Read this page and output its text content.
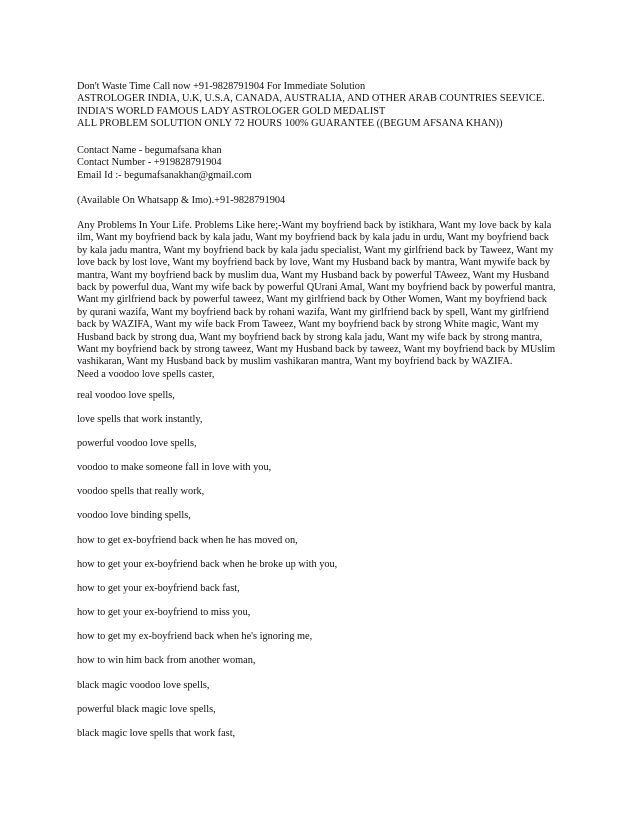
Don't Waste Time Call now +91-9828791904 For Immediate Solution
ASTROLOGER INDIA, U.K, U.S.A, CANADA, AUSTRALIA, AND OTHER ARAB COUNTRIES SEEVICE.
INDIA'S WORLD FAMOUS LADY ASTROLOGER GOLD MEDALIST
ALL PROBLEM SOLUTION ONLY 72 HOURS 100% GUARANTEE ((BEGUM AFSANA KHAN))
Contact Name - begumafsana khan
Contact Number - +919828791904
Email Id :- begumafsanakhan@gmail.com
(Available On Whatsapp & Imo).+91-9828791904
Any Problems In Your Life. Problems Like here;-Want my boyfriend back by istikhara, Want my love back by kala
ilm, Want my boyfriend back by kala jadu, Want my boyfriend back by kala jadu in urdu, Want my boyfriend back
by kala jadu mantra, Want my boyfriend back by kala jadu specialist, Want my girlfriend back by Taweez, Want my
love back by lost love, Want my boyfriend back by love, Want my Husband back by mantra, Want mywife back by
mantra, Want my boyfriend back by muslim dua, Want my Husband back by powerful TAweez, Want my Husband
back by powerful dua, Want my wife back by powerful QUrani Amal, Want my boyfriend back by powerful mantra,
Want my girlfriend back by powerful taweez, Want my girlfriend back by Other Women, Want my boyfriend back
by qurani wazifa, Want my boyfriend back by rohani wazifa, Want my girlfriend back by spell, Want my girlfriend
back by WAZIFA, Want my wife back From Taweez, Want my boyfriend back by strong White magic, Want my
Husband back by strong dua, Want my boyfriend back by strong kala jadu, Want my wife back by strong mantra,
Want my boyfriend back by strong taweez, Want my Husband back by taweez, Want my boyfriend back by MUslim
vashikaran, Want my Husband back by muslim vashikaran mantra, Want my boyfriend back by WAZIFA.
Need a voodoo love spells caster,
real voodoo love spells,
love spells that work instantly,
powerful voodoo love spells,
voodoo to make someone fall in love with you,
voodoo spells that really work,
voodoo love binding spells,
how to get ex-boyfriend back when he has moved on,
how to get your ex-boyfriend back when he broke up with you,
how to get your ex-boyfriend back fast,
how to get your ex-boyfriend to miss you,
how to get my ex-boyfriend back when he's ignoring me,
how to win him back from another woman,
black magic voodoo love spells,
powerful black magic love spells,
black magic love spells that work fast,
